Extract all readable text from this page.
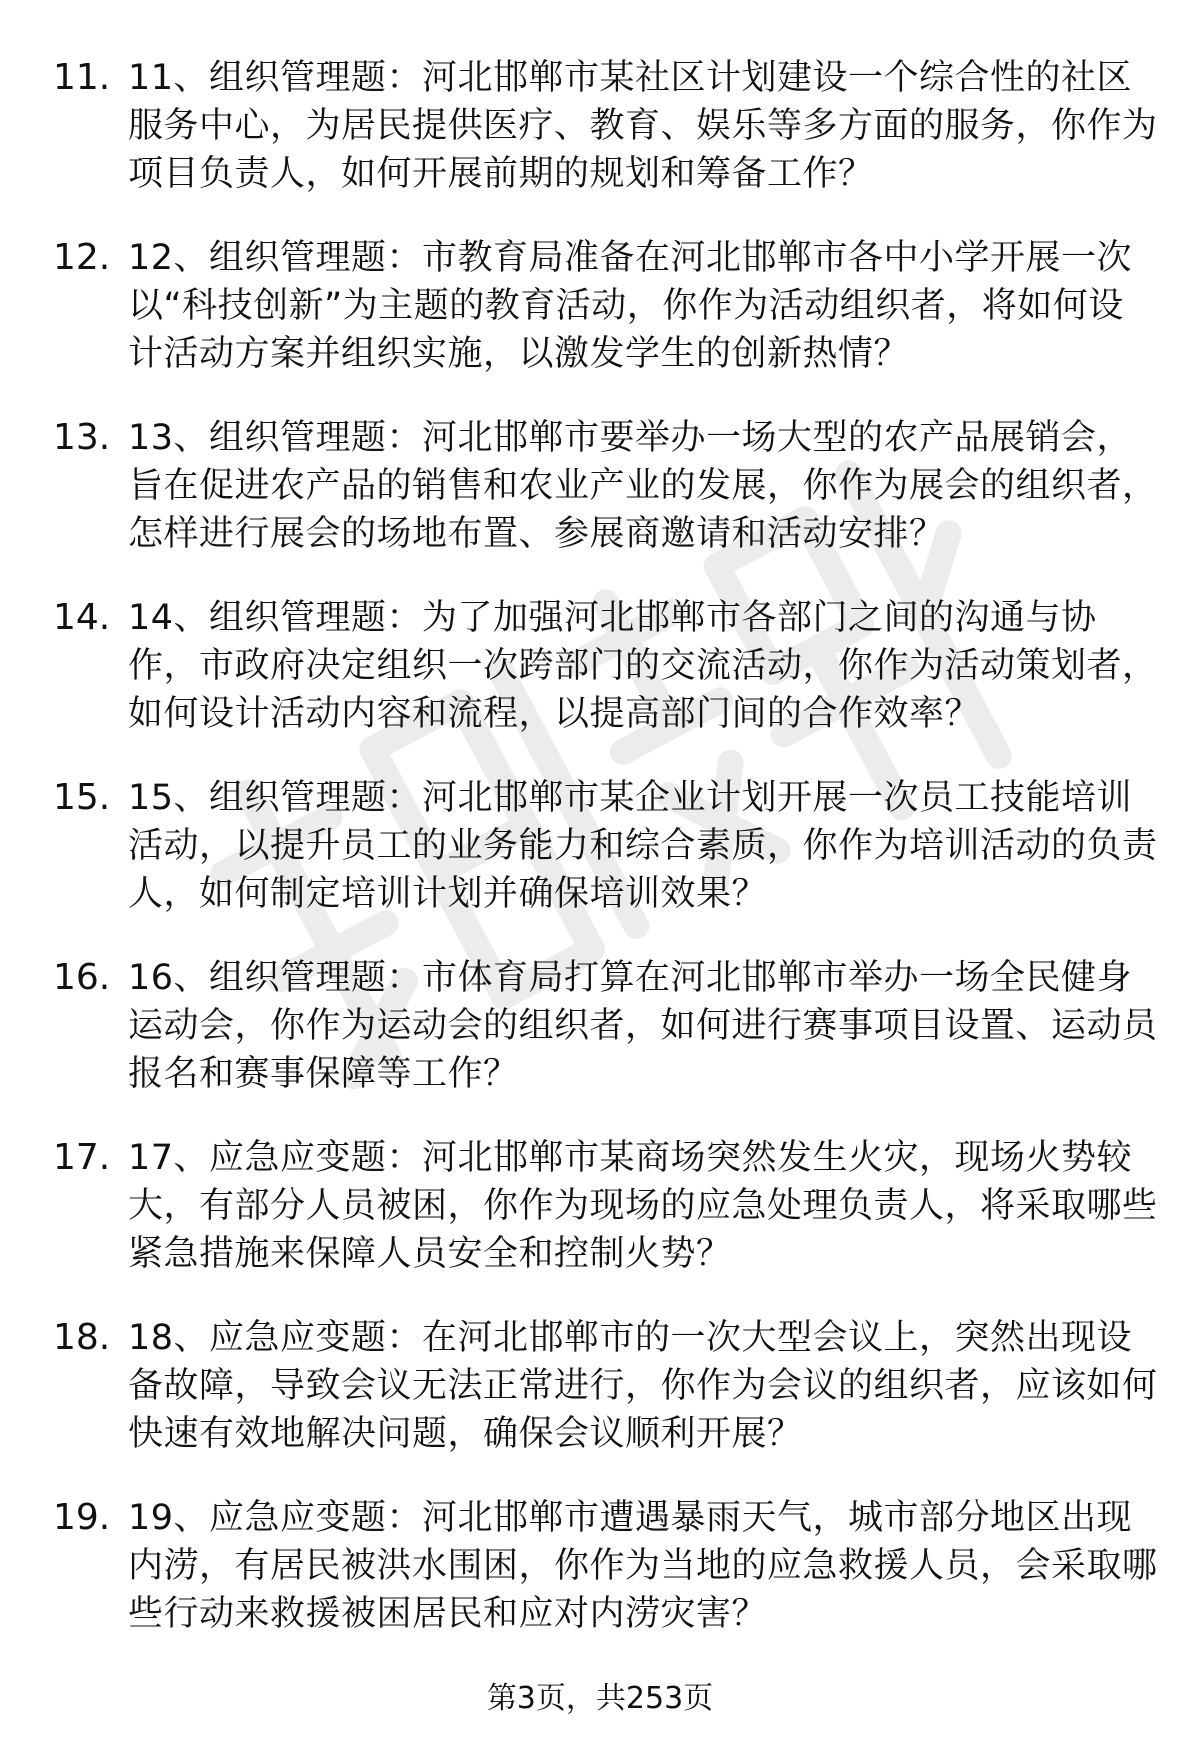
11. 11、组织管理题：河北邯郸市某社区计划建设一个综合性的社区服务中心，为居民提供医疗、教育、娱乐等多方面的服务，你作为项目负责人，如何开展前期的规划和筹备工作？
12. 12、组织管理题：市教育局准备在河北邯郸市各中小学开展一次以“科技创新”为主题的教育活动，你作为活动组织者，将如何设计活动方案并组织实施，以激发学生的创新热情？
13. 13、组织管理题：河北邯郸市要举办一场大型的农产品展销会，旨在促进农产品的销售和农业产业的发展，你作为展会的组织者，怎样进行展会的场地布置、参展商邀请和活动安排？
14. 14、组织管理题：为了加强河北邯郸市各部门之间的沟通与协作，市政府决定组织一次跨部门的交流活动，你作为活动策划者，如何设计活动内容和流程，以提高部门间的合作效率？
15. 15、组织管理题：河北邯郸市某企业计划开展一次员工技能培训活动，以提升员工的业务能力和综合素质，你作为培训活动的负责人，如何制定培训计划并确保培训效果？
16. 16、组织管理题：市体育局打算在河北邯郸市举办一场全民健身运动会，你作为运动会的组织者，如何进行赛事项目设置、运动员报名和赛事保障等工作？
17. 17、应急应变题：河北邯郸市某商场突然发生火灾，现场火势较大，有部分人员被困，你作为现场的应急处理负责人，将采取哪些紧急措施来保障人员安全和控制火势？
18. 18、应急应变题：在河北邯郸市的一次大型会议上，突然出现设备故障，导致会议无法正常进行，你作为会议的组织者，应该如何快速有效地解决问题，确保会议顺利开展？
19. 19、应急应变题：河北邯郸市遭遇暴雨天气，城市部分地区出现内涝，有居民被洪水围困，你作为当地的应急救援人员，会采取哪些行动来救援被困居民和应对内涝灾害？
第3页，共253页
